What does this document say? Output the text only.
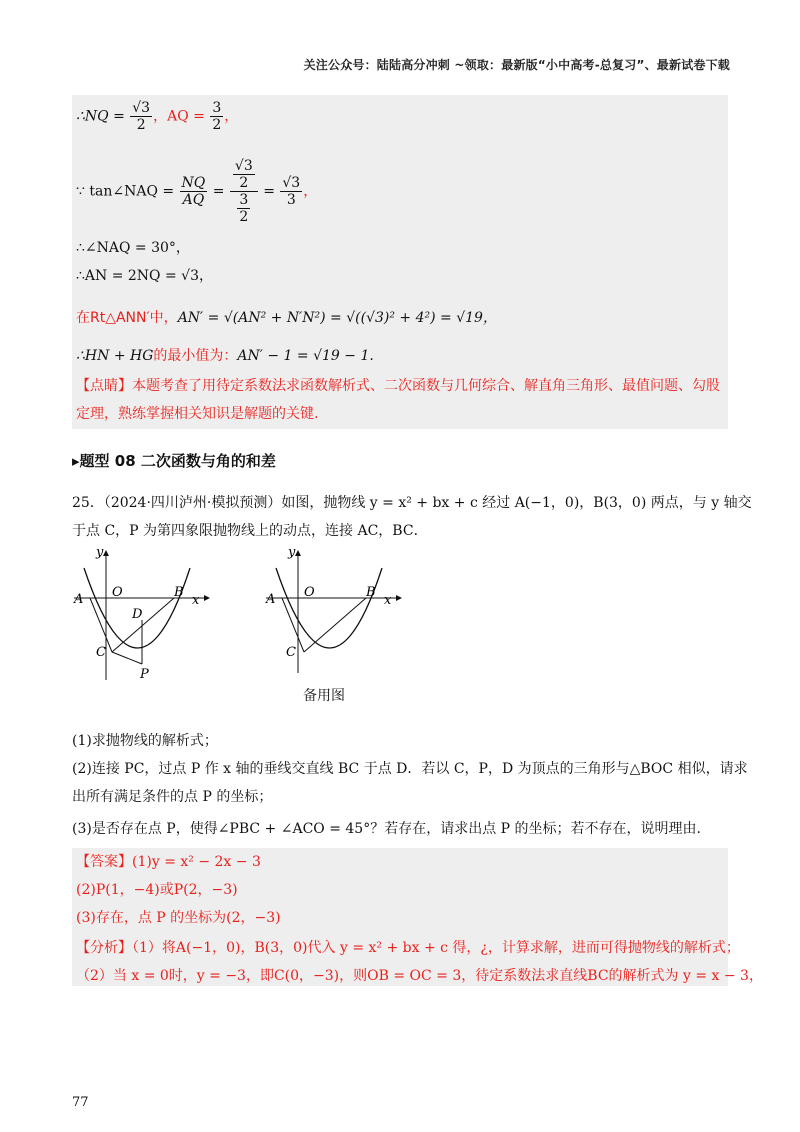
关注公众号：陆陆高分冲刺 ~领取：最新版“小中高考-总复习”、最新试卷下载
∴NQ = $\frac{√3}{2}$ ，AQ = $\frac{3}{2}$ ，
∵ tan∠NAQ = $\frac{NQ}{AQ} = \frac{\frac{√3}{2}}{\frac{3}{2}} = \frac{√3}{3}$ ，
∴∠NAQ = 30°，
∴AN = 2NQ = √3，
在Rt△ANN′中，AN′ = √(AN² + N′N²) = √((√3)² + 4²) = √19，
∴HN + HG的最小值为：AN′ − 1 = √19 − 1.
【点睛】本题考查了用待定系数法求函数解析式、二次函数与几何综合、解直角三角形、最值问题、勾股
定理，熟练掌握相关知识是解题的关键.
▸题型 08 二次函数与角的和差
25．（2024·四川泸州·模拟预测）如图，抛物线 y = x² + bx + c 经过 A(−1，0)，B(3，0) 两点，与 y 轴交
于点 C，P 为第四象限抛物线上的动点，连接 AC，BC．
A O	B
x
y
C
D
P
A O	B
x
y
C
备用图
(1)求抛物线的解析式；
(2)连接 PC，过点 P 作 x 轴的垂线交直线 BC 于点 D．若以 C，P，D 为顶点的三角形与△BOC 相似，请求
出所有满足条件的点 P 的坐标；
(3)是否存在点 P，使得∠PBC + ∠ACO = 45°？若存在，请求出点 P 的坐标；若不存在，说明理由.
【答案】(1)y = x² − 2x − 3
(2)P(1，−4)或P(2，−3)
(3)存在，点 P 的坐标为(2，−3)
【分析】（1）将A(−1，0)，B(3，0)代入 y = x² + bx + c 得，¿，计算求解，进而可得抛物线的解析式；
（2）当 x = 0时，y = −3，即C(0，−3)，则OB = OC = 3，待定系数法求直线BC的解析式为 y = x − 3，
77
